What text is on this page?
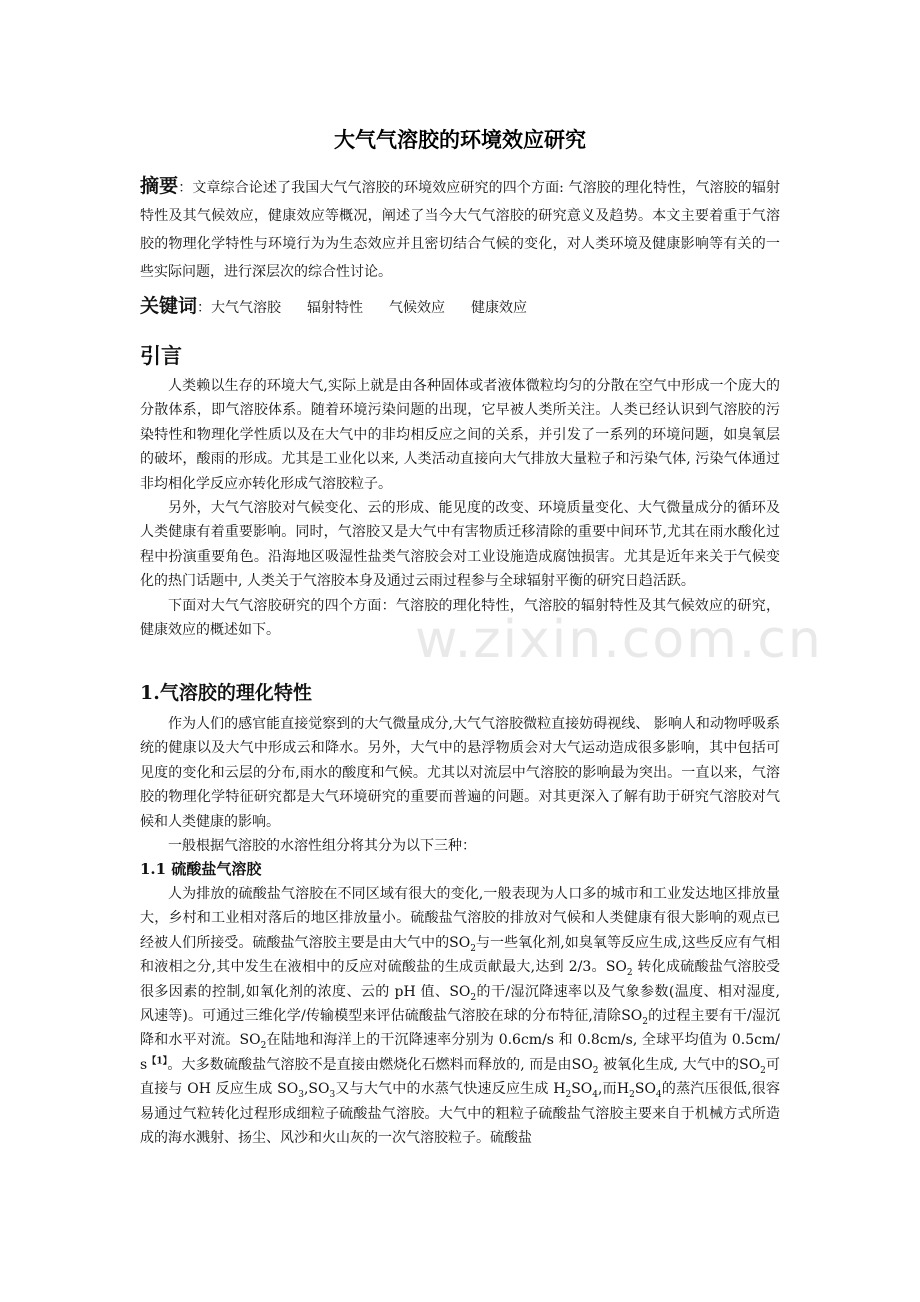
w.zixin.com.cn
大气气溶胶的环境效应研究
摘要：文章综合论述了我国大气气溶胶的环境效应研究的四个方面: 气溶胶的理化特性，气溶胶的辐射特性及其气候效应，健康效应等概况，阐述了当今大气气溶胶的研究意义及趋势。本文主要着重于气溶胶的物理化学特性与环境行为为生态效应并且密切结合气候的变化，对人类环境及健康影响等有关的一些实际问题，进行深层次的综合性讨论。
关键词：大气气溶胶 辐射特性 气候效应 健康效应
引言

人类赖以生存的环境大气,实际上就是由各种固体或者液体微粒均匀的分散在空气中形成一个庞大的分散体系，即气溶胶体系。随着环境污染问题的出现，它早被人类所关注。人类已经认识到气溶胶的污染特性和物理化学性质以及在大气中的非均相反应之间的关系，并引发了一系列的环境问题，如臭氧层的破坏，酸雨的形成。尤其是工业化以来, 人类活动直接向大气排放大量粒子和污染气体, 污染气体通过非均相化学反应亦转化形成气溶胶粒子。

另外，大气气溶胶对气候变化、云的形成、能见度的改变、环境质量变化、大气微量成分的循环及人类健康有着重要影响。同时，气溶胶又是大气中有害物质迁移清除的重要中间环节,尤其在雨水酸化过程中扮演重要角色。沿海地区吸湿性盐类气溶胶会对工业设施造成腐蚀损害。尤其是近年来关于气候变化的热门话题中, 人类关于气溶胶本身及通过云雨过程参与全球辐射平衡的研究日趋活跃。

下面对大气气溶胶研究的四个方面：气溶胶的理化特性，气溶胶的辐射特性及其气候效应的研究，健康效应的概述如下。

1.气溶胶的理化特性

作为人们的感官能直接觉察到的大气微量成分,大气气溶胶微粒直接妨碍视线、 影响人和动物呼吸系统的健康以及大气中形成云和降水。另外，大气中的悬浮物质会对大气运动造成很多影响，其中包括可见度的变化和云层的分布,雨水的酸度和气候。尤其以对流层中气溶胶的影响最为突出。一直以来，气溶胶的物理化学特征研究都是大气环境研究的重要而普遍的问题。对其更深入了解有助于研究气溶胶对气候和人类健康的影响。

一般根据气溶胶的水溶性组分将其分为以下三种：

1.1 硫酸盐气溶胶

人为排放的硫酸盐气溶胶在不同区域有很大的变化,一般表现为人口多的城市和工业发达地区排放量大，乡村和工业相对落后的地区排放量小。硫酸盐气溶胶的排放对气候和人类健康有很大影响的观点已经被人们所接受。硫酸盐气溶胶主要是由大气中的$SO_2$与一些氧化剂,如臭氧等反应生成,这些反应有气相和液相之分,其中发生在液相中的反应对硫酸盐的生成贡献最大,达到 2/3。$SO_2$ 转化成硫酸盐气溶胶受很多因素的控制,如氧化剂的浓度、云的 pH 值、$SO_2$的干/湿沉降速率以及气象参数(温度、相对湿度, 风速等)。可通过三维化学/传输模型来评估硫酸盐气溶胶在球的分布特征,清除$SO_2$的过程主要有干/湿沉降和水平对流。$SO_2$在陆地和海洋上的干沉降速率分别为 0.6cm/s 和 0.8cm/s, 全球平均值为 0.5cm/ s$^{【1】}$。大多数硫酸盐气溶胶不是直接由燃烧化石燃料而释放的, 而是由$SO_2$ 被氧化生成, 大气中的$SO_2$可直接与 OH 反应生成 $SO_3,SO_3$又与大气中的水蒸气快速反应生成 $H_2SO_4$,而$H_2SO_4$的蒸汽压很低,很容易通过气粒转化过程形成细粒子硫酸盐气溶胶。大气中的粗粒子硫酸盐气溶胶主要来自于机械方式所造成的海水溅射、扬尘、风沙和火山灰的一次气溶胶粒子。硫酸盐
